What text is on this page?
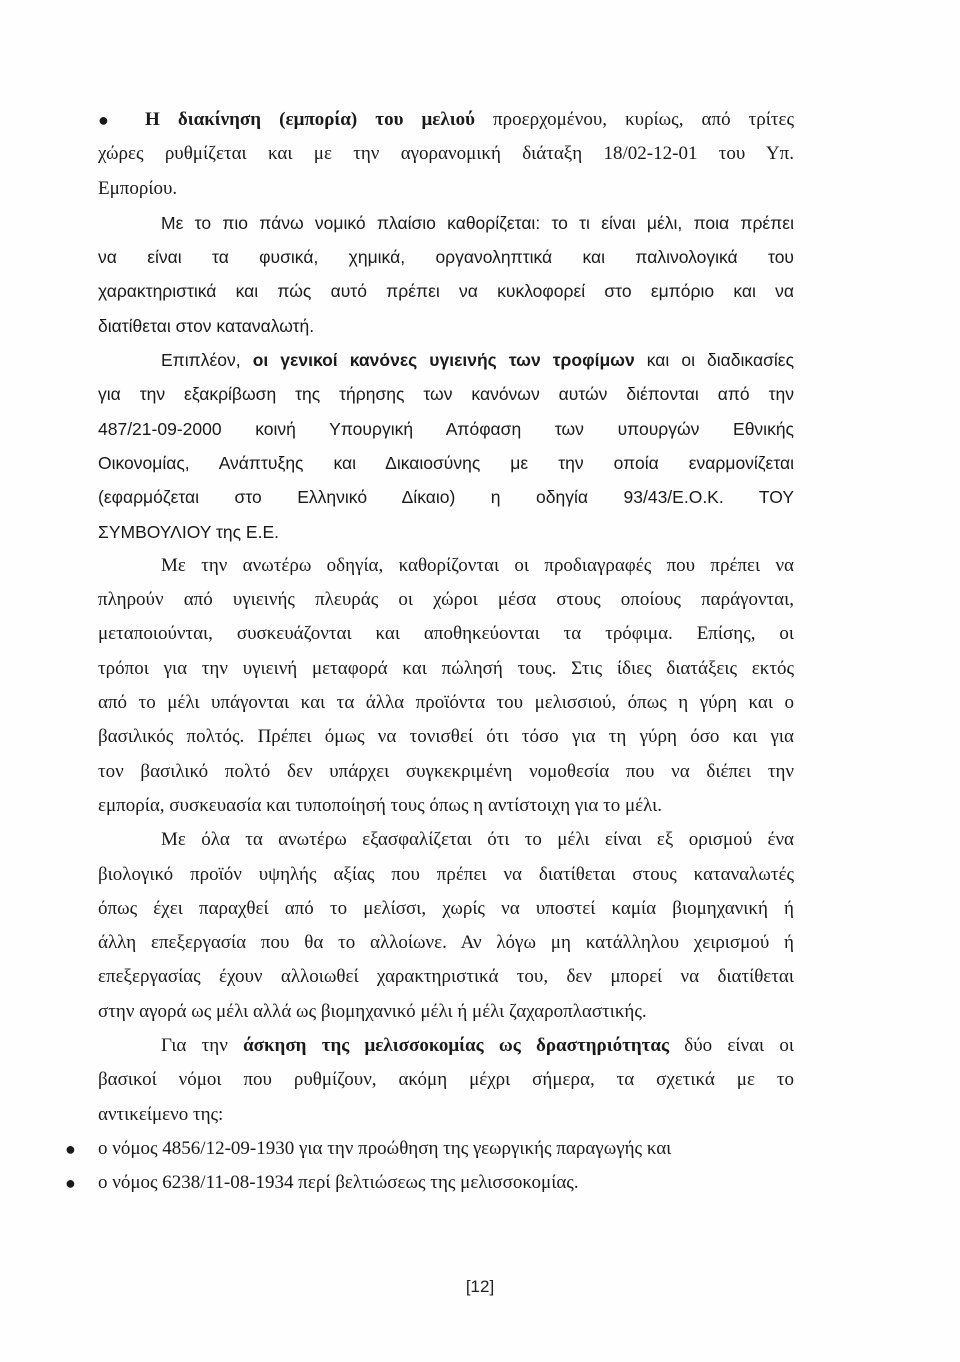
● Η διακίνηση (εμπορία) του μελιού προερχομένου, κυρίως, από τρίτες
χώρες ρυθμίζεται και με την αγορανομική διάταξη 18/02-12-01 του Υπ.
Εμπορίου.
Με το πιο πάνω νομικό πλαίσιο καθορίζεται: το τι είναι μέλι, ποια πρέπει
να είναι τα φυσικά, χημικά, οργανοληπτικά και παλινολογικά του
χαρακτηριστικά και πώς αυτό πρέπει να κυκλοφορεί στο εμπόριο και να
διατίθεται στον καταναλωτή.
Επιπλέον, οι γενικοί κανόνες υγιεινής των τροφίμων και οι διαδικασίες
για την εξακρίβωση της τήρησης των κανόνων αυτών διέπονται από την
487/21-09-2000 κοινή Υπουργική Απόφαση των υπουργών Εθνικής
Οικονομίας, Ανάπτυξης και Δικαιοσύνης με την οποία εναρμονίζεται
(εφαρμόζεται στο Ελληνικό Δίκαιο) η οδηγία 93/43/Ε.Ο.Κ. ΤΟΥ
ΣΥΜΒΟΥΛΙΟΥ της Ε.Ε.
Με την ανωτέρω οδηγία, καθορίζονται οι προδιαγραφές που πρέπει να
πληρούν από υγιεινής πλευράς οι χώροι μέσα στους οποίους παράγονται,
μεταποιούνται, συσκευάζονται και αποθηκεύονται τα τρόφιμα. Επίσης, οι
τρόποι για την υγιεινή μεταφορά και πώλησή τους. Στις ίδιες διατάξεις εκτός
από το μέλι υπάγονται και τα άλλα προϊόντα του μελισσιού, όπως η γύρη και ο
βασιλικός πολτός. Πρέπει όμως να τονισθεί ότι τόσο για τη γύρη όσο και για
τον βασιλικό πολτό δεν υπάρχει συγκεκριμένη νομοθεσία που να διέπει την
εμπορία, συσκευασία και τυποποίησή τους όπως η αντίστοιχη για το μέλι.
Με όλα τα ανωτέρω εξασφαλίζεται ότι το μέλι είναι εξ ορισμού ένα
βιολογικό προϊόν υψηλής αξίας που πρέπει να διατίθεται στους καταναλωτές
όπως έχει παραχθεί από το μελίσσι, χωρίς να υποστεί καμία βιομηχανική ή
άλλη επεξεργασία που θα το αλλοίωνε. Αν λόγω μη κατάλληλου χειρισμού ή
επεξεργασίας έχουν αλλοιωθεί χαρακτηριστικά του, δεν μπορεί να διατίθεται
στην αγορά ως μέλι αλλά ως βιομηχανικό μέλι ή μέλι ζαχαροπλαστικής.
Για την άσκηση της μελισσοκομίας ως δραστηριότητας δύο είναι οι
βασικοί νόμοι που ρυθμίζουν, ακόμη μέχρι σήμερα, τα σχετικά με το
αντικείμενο της:
● ο νόμος 4856/12-09-1930 για την προώθηση της γεωργικής παραγωγής και
● ο νόμος 6238/11-08-1934 περί βελτιώσεως της μελισσοκομίας.
[12]
